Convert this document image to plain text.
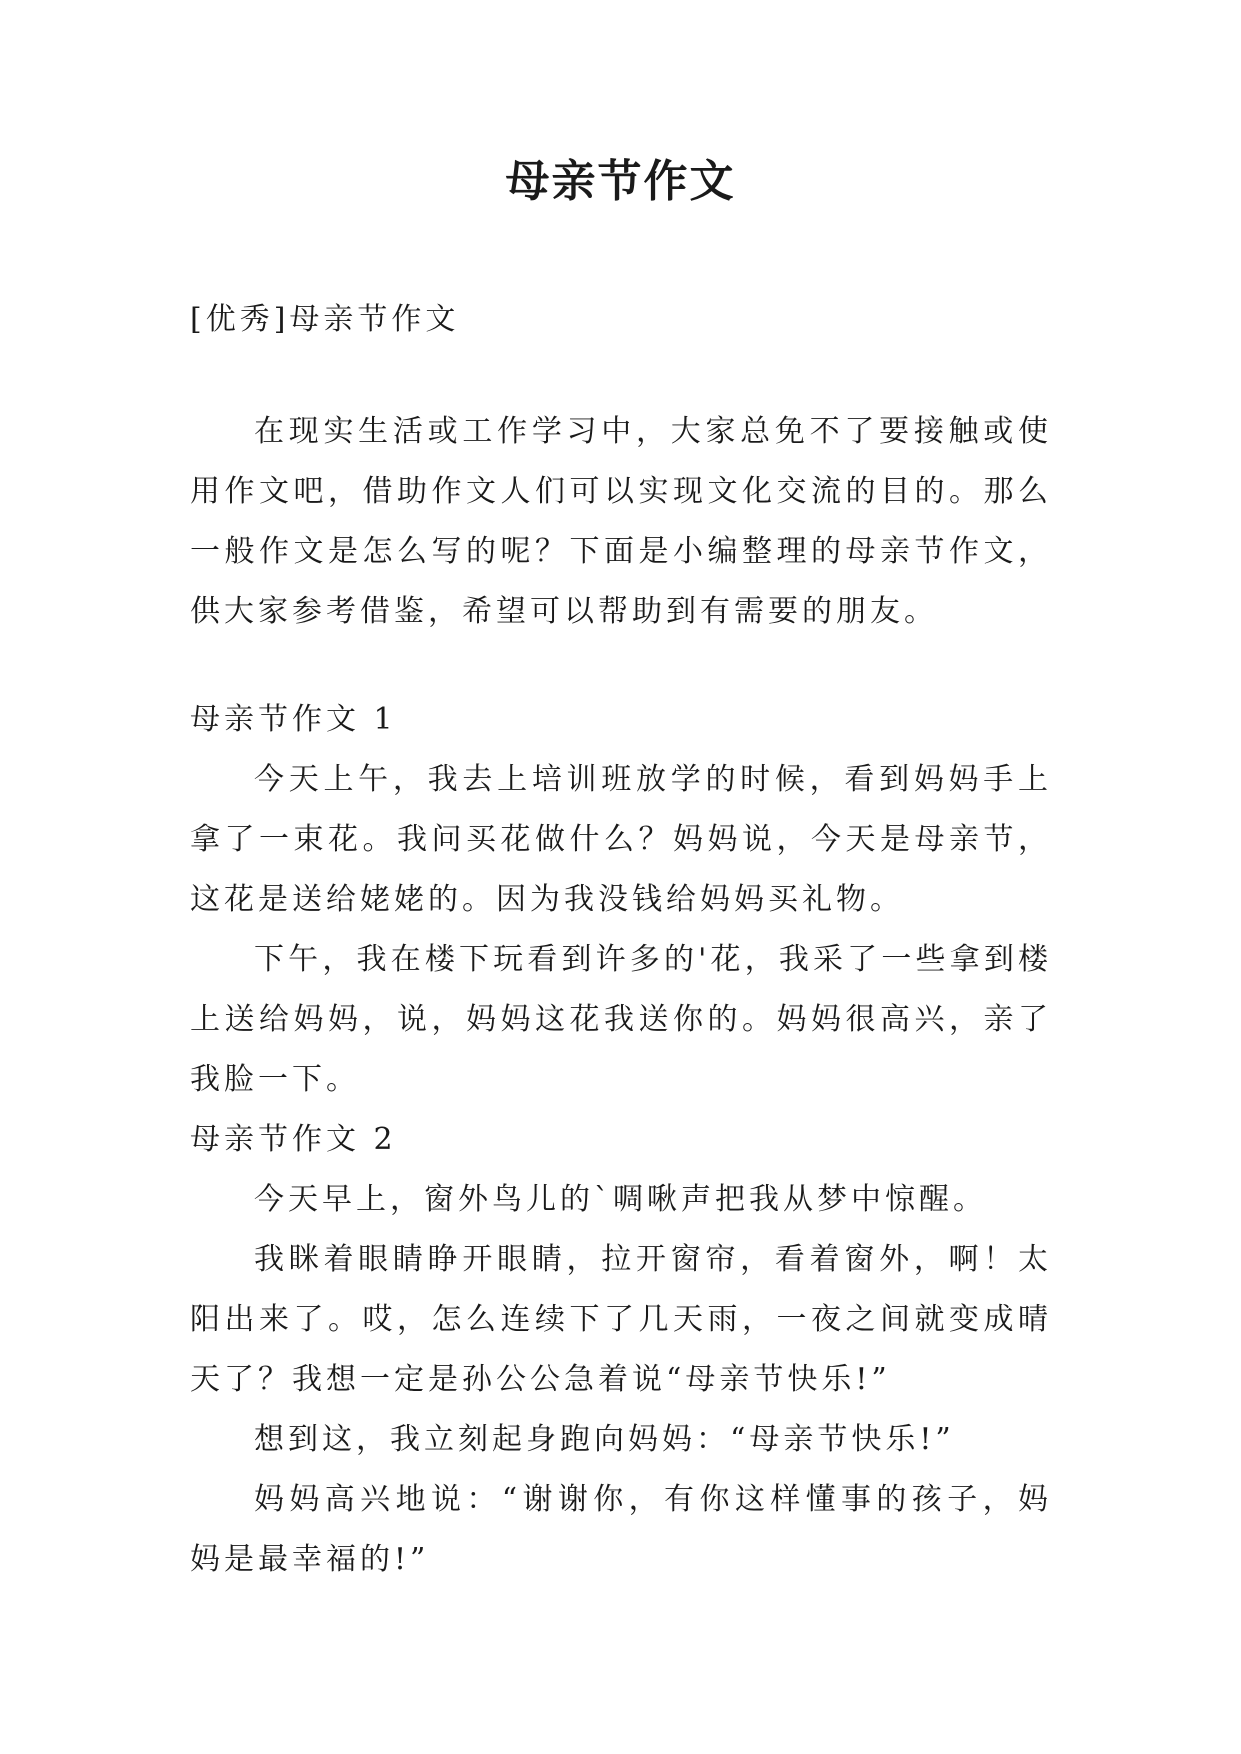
母亲节作文

[优秀]母亲节作文

在现实生活或工作学习中，大家总免不了要接触或使用作文吧，借助作文人们可以实现文化交流的目的。那么一般作文是怎么写的呢？下面是小编整理的母亲节作文，供大家参考借鉴，希望可以帮助到有需要的朋友。

母亲节作文 1

今天上午，我去上培训班放学的时候，看到妈妈手上拿了一束花。我问买花做什么？妈妈说，今天是母亲节，这花是送给姥姥的。因为我没钱给妈妈买礼物。

下午，我在楼下玩看到许多的'花，我采了一些拿到楼上送给妈妈，说，妈妈这花我送你的。妈妈很高兴，亲了我脸一下。

母亲节作文 2

今天早上，窗外鸟儿的`啁啾声把我从梦中惊醒。

我眯着眼睛睁开眼睛，拉开窗帘，看着窗外，啊！太阳出来了。哎，怎么连续下了几天雨，一夜之间就变成晴天了？我想一定是孙公公急着说“母亲节快乐!”

想到这，我立刻起身跑向妈妈：“母亲节快乐!”

妈妈高兴地说：“谢谢你，有你这样懂事的孩子，妈妈是最幸福的!”
